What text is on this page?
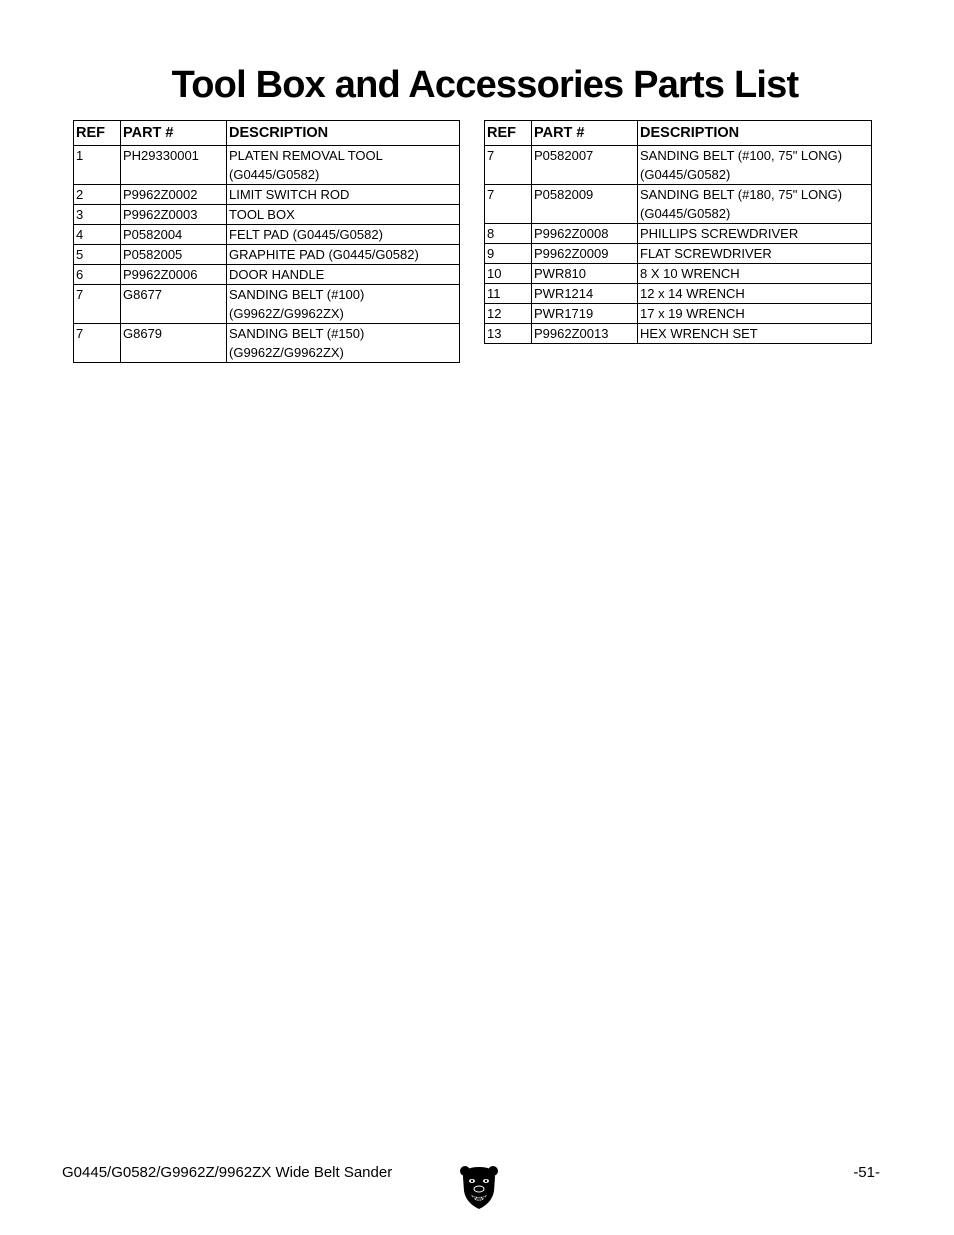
Tool Box and Accessories Parts List
REF	PART #	DESCRIPTION
1	PH29330001	PLATEN REMOVAL TOOL
(G0445/G0582)

2	P9962Z0002	LIMIT SWITCH ROD

3	P9962Z0003	TOOL BOX

4	P0582004	FELT PAD (G0445/G0582)

5	P0582005	GRAPHITE PAD (G0445/G0582)

6	P9962Z0006	DOOR HANDLE

7	G8677	SANDING BELT (#100)
(G9962Z/G9962ZX)

7	G8679	SANDING BELT (#150)
(G9962Z/G9962ZX)
REF	PART #	DESCRIPTION
7	P0582007	SANDING BELT (#100, 75" LONG)
(G0445/G0582)

7	P0582009	SANDING BELT (#180, 75" LONG)
(G0445/G0582)

8	P9962Z0008	PHILLIPS SCREWDRIVER

9	P9962Z0009	FLAT SCREWDRIVER

10	PWR810	8 X 10 WRENCH

11	PWR1214	12 x 14 WRENCH

12	PWR1719	17 x 19 WRENCH

13	P9962Z0013	HEX WRENCH SET
G0445/G0582/G9962Z/9962ZX Wide Belt Sander	-51-
